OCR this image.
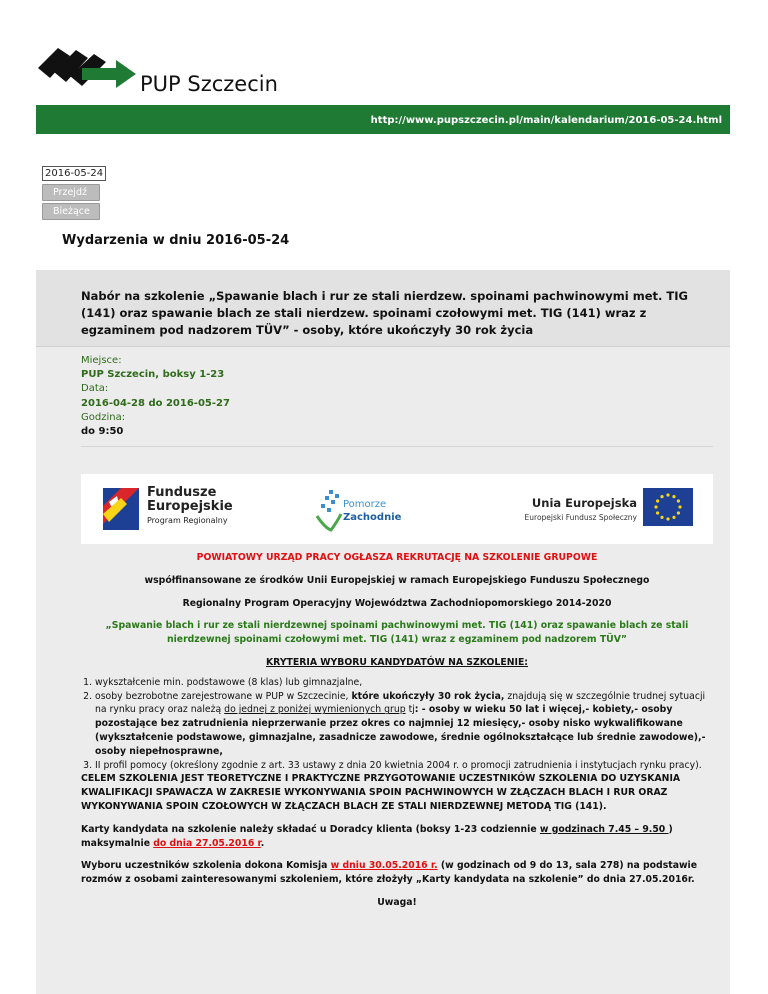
PUP Szczecin
http://www.pupszczecin.pl/main/kalendarium/2016-05-24.html
2016-05-24
Przejdź
Bieżące
Wydarzenia w dniu 2016-05-24
Nabór na szkolenie „Spawanie blach i rur ze stali nierdzew. spoinami pachwinowymi met. TIG (141) oraz spawanie blach ze stali nierdzew. spoinami czołowymi met. TIG (141) wraz z egzaminem pod nadzorem TÜV” - osoby, które ukończyły 30 rok życia
Miejsce:
PUP Szczecin, boksy 1-23
Data:
2016-04-28 do 2016-05-27
Godzina:
do 9:50
Fundusze
Europejskie
Program Regionalny
Pomorze
Zachodnie
Unia Europejska
Europejski Fundusz Społeczny

POWIATOWY URZĄD PRACY OGŁASZA REKRUTACJĘ NA SZKOLENIE GRUPOWE

współfinansowane ze środków Unii Europejskiej w ramach Europejskiego Funduszu Społecznego

Regionalny Program Operacyjny Województwa Zachodniopomorskiego 2014-2020

„Spawanie blach i rur ze stali nierdzewnej spoinami pachwinowymi met. TIG (141) oraz spawanie blach ze stali nierdzewnej spoinami czołowymi met. TIG (141) wraz z egzaminem pod nadzorem TÜV”

KRYTERIA WYBORU KANDYDATÓW NA SZKOLENIE:

1. wykształcenie min. podstawowe (8 klas) lub gimnazjalne,
2. osoby bezrobotne zarejestrowane w PUP w Szczecinie, które ukończyły 30 rok życia, znajdują się w szczególnie trudnej sytuacji na rynku pracy oraz należą do jednej z poniżej wymienionych grup tj: - osoby w wieku 50 lat i więcej,- kobiety,- osoby pozostające bez zatrudnienia nieprzerwanie przez okres co najmniej 12 miesięcy,- osoby nisko wykwalifikowane (wykształcenie podstawowe, gimnazjalne, zasadnicze zawodowe, średnie ogólnokształcące lub średnie zawodowe),- osoby niepełnosprawne,
3. II profil pomocy (określony zgodnie z art. 33 ustawy z dnia 20 kwietnia 2004 r. o promocji zatrudnienia i instytucjach rynku pracy).

CELEM SZKOLENIA JEST TEORETYCZNE I PRAKTYCZNE PRZYGOTOWANIE UCZESTNIKÓW SZKOLENIA DO UZYSKANIA KWALIFIKACJI SPAWACZA W ZAKRESIE WYKONYWANIA SPOIN PACHWINOWYCH W ZŁĄCZACH BLACH I RUR ORAZ WYKONYWANIA SPOIN CZOŁOWYCH W ZŁĄCZACH BLACH ZE STALI NIERDZEWNEJ METODĄ TIG (141).

Karty kandydata na szkolenie należy składać u Doradcy klienta (boksy 1-23 codziennie w godzinach 7.45 – 9.50 ) maksymalnie do dnia 27.05.2016 r.

Wyboru uczestników szkolenia dokona Komisja w dniu 30.05.2016 r. (w godzinach od 9 do 13, sala 278) na podstawie rozmów z osobami zainteresowanymi szkoleniem, które złożyły „Karty kandydata na szkolenie” do dnia 27.05.2016r.

Uwaga!
